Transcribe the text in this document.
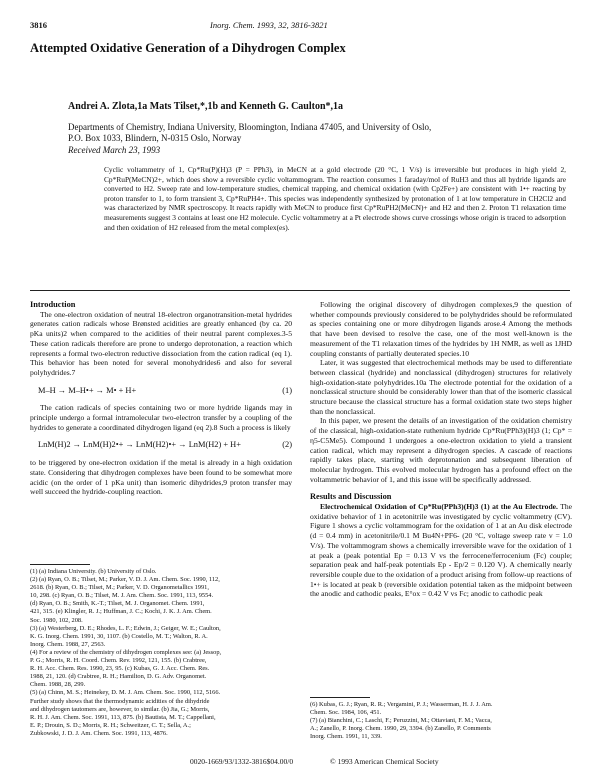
3816	Inorg. Chem. 1993, 32, 3816-3821
Attempted Oxidative Generation of a Dihydrogen Complex
Andrei A. Zlota,1a Mats Tilset,*,1b and Kenneth G. Caulton*,1a
Departments of Chemistry, Indiana University, Bloomington, Indiana 47405, and University of Oslo,
P.O. Box 1033, Blindern, N-0315 Oslo, Norway
Received March 23, 1993
Cyclic voltammetry of 1, Cp*Ru(P)(H)3 (P = PPh3), in MeCN at a gold electrode (20 °C, 1 V/s) is irreversible but produces in high yield 2, Cp*RuP(MeCN)2+, which does show a reversible cyclic voltammogram. The reaction consumes 1 faraday/mol of RuH3 and thus all hydride ligands are converted to H2. Sweep rate and low-temperature studies, chemical trapping, and chemical oxidation (with Cp2Fe+) are consistent with 1•+ reacting by proton transfer to 1, to form transient 3, Cp*RuPH4+. This species was independently synthesized by protonation of 1 at low temperature in CH2Cl2 and was characterized by NMR spectroscopy. It reacts rapidly with MeCN to produce first Cp*RuPH2(MeCN)+ and H2 and then 2. Proton T1 relaxation time measurements suggest 3 contains at least one H2 molecule. Cyclic voltammetry at a Pt electrode shows curve crossings whose origin is traced to adsorption and then oxidation of H2 released from the metal complex(es).

Introduction

The one-electron oxidation of neutral 18-electron organotransition-metal hydrides generates cation radicals whose Brønsted acidities are greatly enhanced (by ca. 20 pKa units)2 when compared to the acidities of their neutral parent complexes.3-5 These cation radicals therefore are prone to undergo deprotonation, a reaction which represents a formal two-electron reductive dissociation from the cation radical (eq 1). This behavior has been noted for several monohydrides6 and also for several polyhydrides.7

M–H → M–H•+ → M• + H+	(1)

The cation radicals of species containing two or more hydride ligands may in principle undergo a formal intramolecular two-electron transfer by a coupling of the hydrides to generate a coordinated dihydrogen ligand (eq 2).8 Such a process is likely

LnM(H)2 → LnM(H)2•+ → LnM(H2)•+ → LnM(H2) + H+	(2)

to be triggered by one-electron oxidation if the metal is already in a high oxidation state. Considering that dihydrogen complexes have been found to be somewhat more acidic (on the order of 1 pKa unit) than isomeric dihydrides,9 proton transfer may well succeed the hydride-coupling reaction.

Following the original discovery of dihydrogen complexes,9 the question of whether compounds previously considered to be polyhydrides should be reformulated as species containing one or more dihydrogen ligands arose.4 Among the methods that have been devised to resolve the case, one of the most well-known is the measurement of the T1 relaxation times of the hydrides by 1H NMR, as well as 1JHD coupling constants of partially deuterated species.10

Later, it was suggested that electrochemical methods may be used to differentiate between classical (hydride) and nonclassical (dihydrogen) structures for relatively high-oxidation-state polyhydrides.10a The electrode potential for the oxidation of a nonclassical structure should be considerably lower than that of the isomeric classical structure because the classical structure has a formal oxidation state two steps higher than the nonclassical.

In this paper, we present the details of an investigation of the oxidation chemistry of the classical, high-oxidation-state ruthenium hydride Cp*Ru(PPh3)(H)3 (1; Cp* = η5-C5Me5). Compound 1 undergoes a one-electron oxidation to yield a transient cation radical, which may represent a dihydrogen species. A cascade of reactions rapidly takes place, starting with deprotonation and subsequent liberation of molecular hydrogen. This evolved molecular hydrogen has a profound effect on the voltammetric behavior of 1, and this issue will be specifically addressed.

Results and Discussion

Electrochemical Oxidation of Cp*Ru(PPh3)(H)3 (1) at the Au Electrode. The oxidative behavior of 1 in acetonitrile was investigated by cyclic voltammetry (CV). Figure 1 shows a cyclic voltammogram for the oxidation of 1 at an Au disk electrode (d = 0.4 mm) in acetonitrile/0.1 M Bu4N+PF6- (20 °C, voltage sweep rate v = 1.0 V/s). The voltammogram shows a chemically irreversible wave for the oxidation of 1 at peak a (peak potential Ep = 0.13 V vs the ferrocene/ferrocenium (Fc) couple; separation peak and half-peak potentials Ep - Ep/2 = 0.120 V). A chemically nearly reversible couple due to the oxidation of a product arising from follow-up reactions of 1•+ is located at peak b (reversible oxidation potential taken as the midpoint between the anodic and cathodic peaks, E°ox = 0.42 V vs Fc; anodic to cathodic peak

(1) (a) Indiana University. (b) University of Oslo.
(2) (a) Ryan, O. B.; Tilset, M.; Parker, V. D. J. Am. Chem. Soc. 1990, 112,
2618. (b) Ryan, O. B.; Tilset, M.; Parker, V. D. Organometallics 1991,
10, 298. (c) Ryan, O. B.; Tilset, M. J. Am. Chem. Soc. 1991, 113, 9554.
(d) Ryan, O. B.; Smith, K.-T.; Tilset, M. J. Organomet. Chem. 1991,
421, 315. (e) Klingler, R. J.; Huffman, J. C.; Kochi, J. K. J. Am. Chem.
Soc. 1980, 102, 208.
(3) (a) Westerberg, D. E.; Rhodes, L. F.; Edwin, J.; Geiger, W. E.; Caulton,
K. G. Inorg. Chem. 1991, 30, 1107. (b) Costello, M. T.; Walton, R. A.
Inorg. Chem. 1988, 27, 2563.
(4) For a review of the chemistry of dihydrogen complexes see: (a) Jessop,
P. G.; Morris, R. H. Coord. Chem. Rev. 1992, 121, 155. (b) Crabtree,
R. H. Acc. Chem. Res. 1990, 23, 95. (c) Kubas, G. J. Acc. Chem. Res.
1988, 21, 120. (d) Crabtree, R. H.; Hamilton, D. G. Adv. Organomet.
Chem. 1988, 28, 299.
(5) (a) Chinn, M. S.; Heinekey, D. M. J. Am. Chem. Soc. 1990, 112, 5166.
Further study shows that the thermodynamic acidities of the dihydride
and dihydrogen tautomers are, however, to similar. (b) Jia, G.; Morris,
R. H. J. Am. Chem. Soc. 1991, 113, 875. (b) Bautista, M. T.; Cappellani,
E. P.; Drouin, S. D.; Morris, R. H.; Schweitzer, C. T.; Sella, A.;
Zubkowski, J. D. J. Am. Chem. Soc. 1991, 113, 4876.
(6) Kubas, G. J.; Ryan, R. R.; Vergamini, P. J.; Wasserman, H. J. J. Am.
Chem. Soc. 1984, 106, 451.
(7) (a) Bianchini, C.; Laschi, F.; Peruzzini, M.; Ottaviani, F. M.; Vacca,
A.; Zanello, P. Inorg. Chem. 1990, 29, 3394. (b) Zanello, P. Comments
Inorg. Chem. 1991, 11, 339.
0020-1669/93/1332-3816$04.00/0	© 1993 American Chemical Society
